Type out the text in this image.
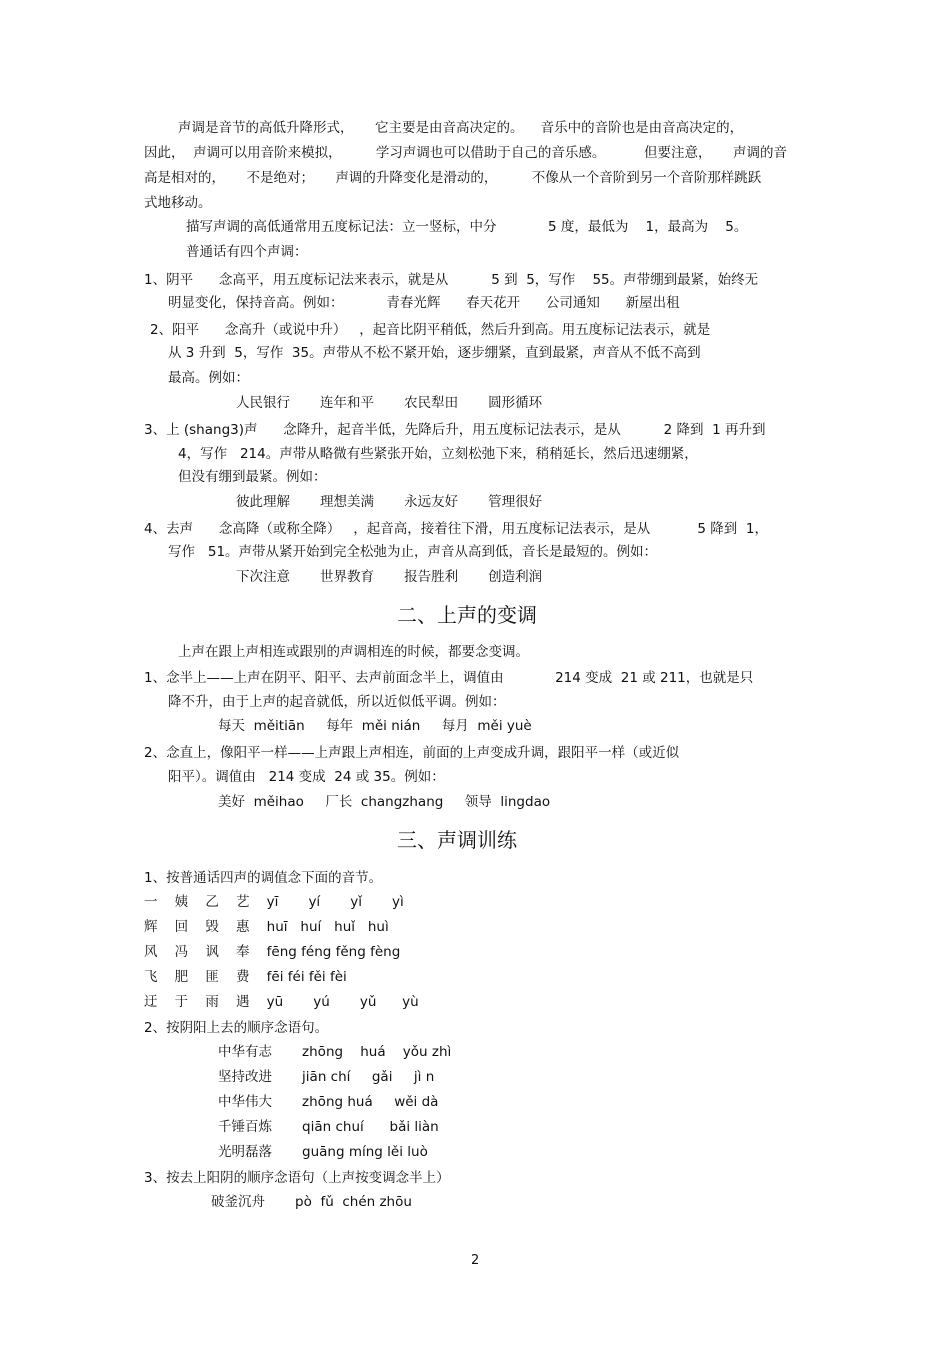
声调是音节的高低升降形式，     它主要是由音高决定的。    音乐中的音阶也是由音高决定的，
因此，  声调可以用音阶来模拟，        学习声调也可以借助于自己的音乐感。         但要注意，     声调的音
高是相对的，     不是绝对；     声调的升降变化是滑动的，        不像从一个音阶到另一个音阶那样跳跃
式地移动。
描写声调的高低通常用五度标记法：立一竖标，中分            5 度，最低为    1，最高为    5。
普通话有四个声调：
1、阴平      念高平，用五度标记法来表示，就是从          5 到  5，写作    55。声带绷到最紧，始终无
明显变化，保持音高。例如：          青春光辉      春天花开      公司通知      新屋出租
2、阳平      念高升（或说中升）   ，起音比阴平稍低，然后升到高。用五度标记法表示，就是
从 3 升到  5，写作  35。声带从不松不紧开始，逐步绷紧，直到最紧，声音从不低不高到
最高。例如：
人民银行       连年和平       农民犁田       圆形循环
3、上 (shang3)声      念降升，起音半低，先降后升，用五度标记法表示，是从          2 降到  1 再升到
4，写作   214。声带从略微有些紧张开始，立刻松弛下来，稍稍延长，然后迅速绷紧，
但没有绷到最紧。例如：
彼此理解       理想美满       永远友好       管理很好
4、去声      念高降（或称全降）   ，起音高，接着往下滑，用五度标记法表示，是从           5 降到  1，
写作   51。声带从紧开始到完全松弛为止，声音从高到低，音长是最短的。例如：
下次注意       世界教育       报告胜利       创造利润
二、上声的变调
上声在跟上声相连或跟别的声调相连的时候，都要念变调。
1、念半上——上声在阴平、阳平、去声前面念半上，调值由            214 变成  21 或 211，也就是只
降不升，由于上声的起音就低，所以近似低平调。例如：
每天  měitiān     每年  měi nián     每月  měi yuè
2、念直上，像阳平一样——上声跟上声相连，前面的上声变成升调，跟阳平一样（或近似
阳平）。调值由   214 变成  24 或 35。例如：
美好  měihao     厂长  changzhang     领导  lingdao
三、声调训练
1、按普通话四声的调值念下面的音节。
一    姨    乙    艺    yī       yí       yǐ       yì
辉    回    毁    惠    huī   huí   huǐ   huì
风    冯    讽    奉    fēng féng fěng fèng
飞    肥    匪    费    fēi féi fěi fèi
迂    于    雨    遇    yū       yú       yǔ      yù
2、按阴阳上去的顺序念语句。
中华有志       zhōng    huá    yǒu zhì
坚持改进       jiān chí     gǎi     jì n
中华伟大       zhōng huá     wěi dà
千锤百炼       qiān chuí      bǎi liàn
光明磊落       guāng míng lěi luò
3、按去上阳阴的顺序念语句（上声按变调念半上）
破釜沉舟       pò  fǔ  chén zhōu
2
